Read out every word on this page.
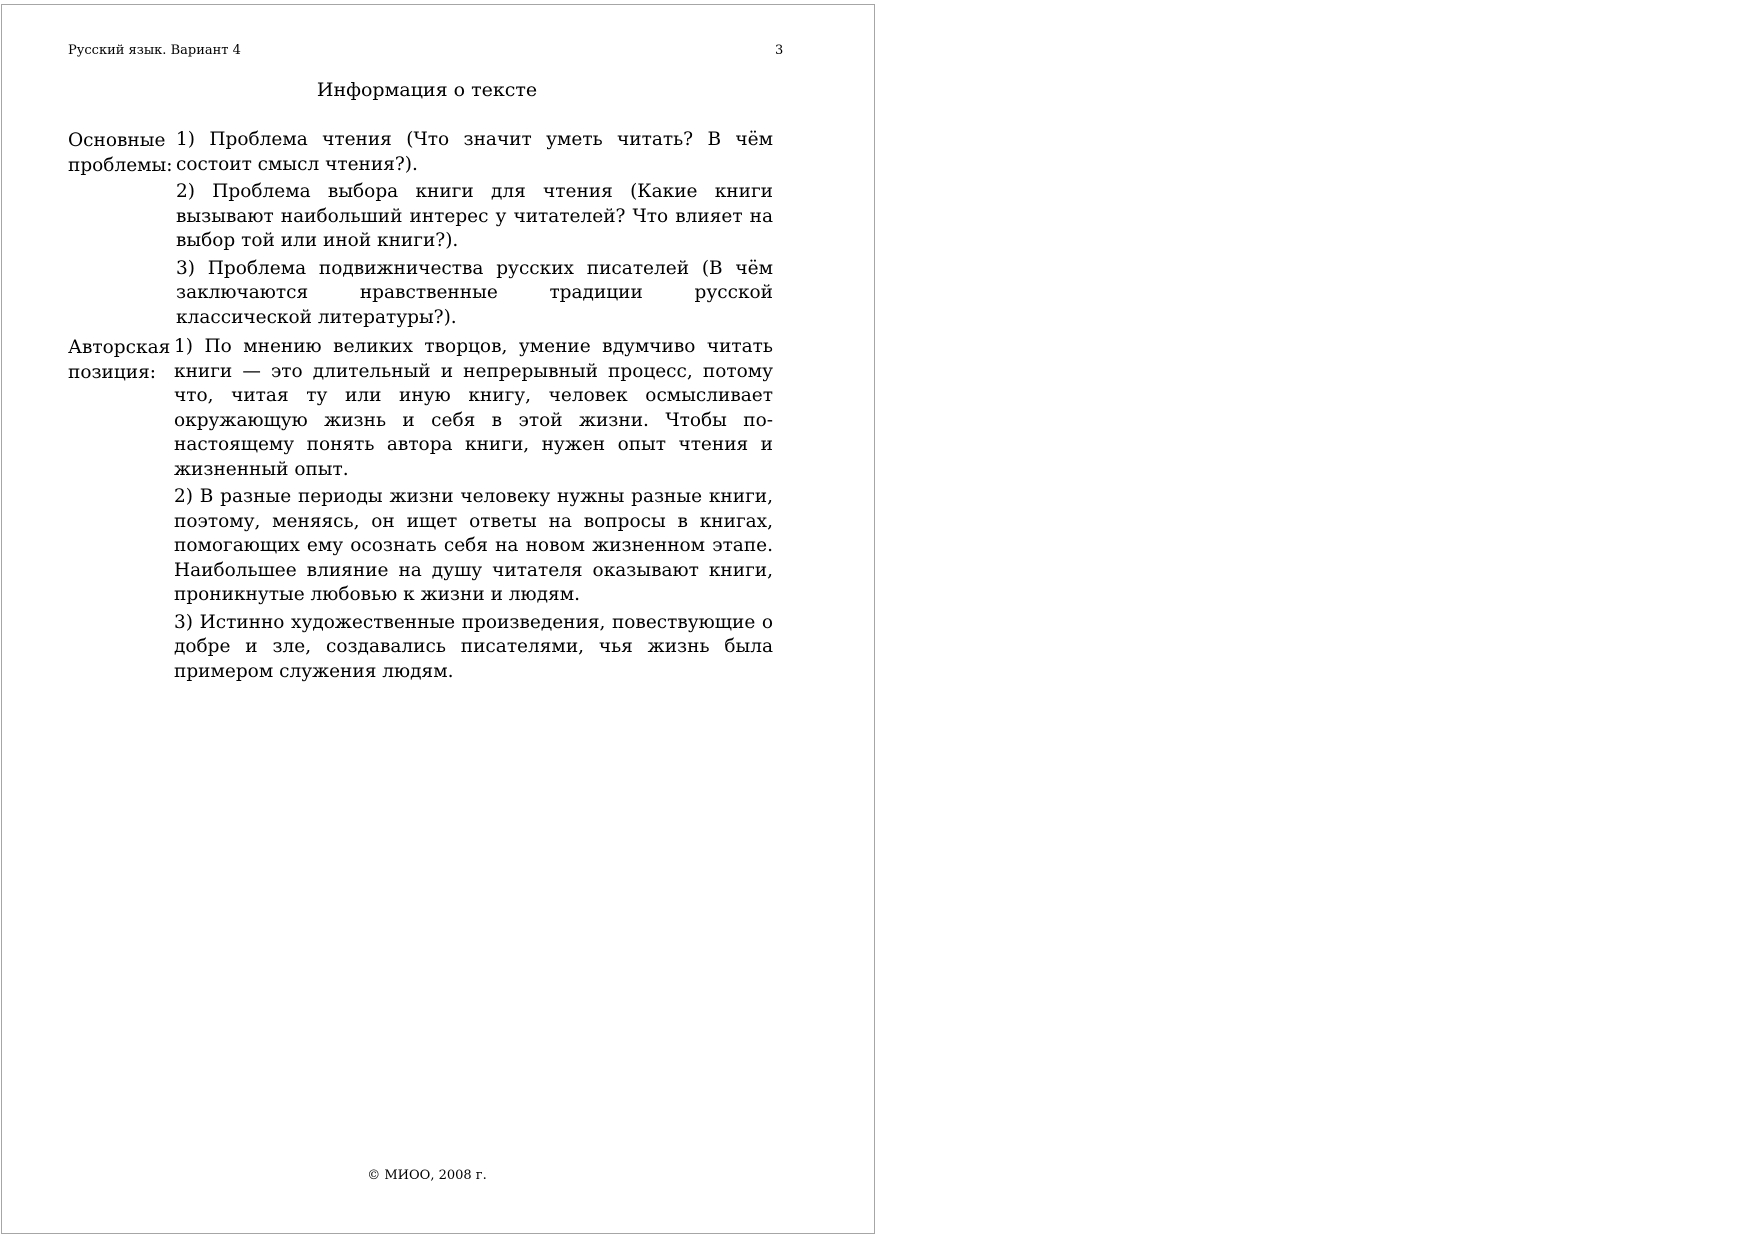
Русский язык. Вариант 4	3
Информация о тексте
Основные
проблемы:

1) Проблема чтения (Что значит уметь читать? В чём состоит смысл чтения?).

2) Проблема выбора книги для чтения (Какие книги вызывают наибольший интерес у читателей? Что влияет на выбор той или иной книги?).

3) Проблема подвижничества русских писателей (В чём заключаются нравственные традиции русской классической литературы?).

Авторская
позиция:

1) По мнению великих творцов, умение вдумчиво читать книги — это длительный и непрерывный процесс, потому что, читая ту или иную книгу, человек осмысливает окружающую жизнь и себя в этой жизни. Чтобы по-настоящему понять автора книги, нужен опыт чтения и жизненный опыт.

2) В разные периоды жизни человеку нужны разные книги, поэтому, меняясь, он ищет ответы на вопросы в книгах, помогающих ему осознать себя на новом жизненном этапе. Наибольшее влияние на душу читателя оказывают книги, проникнутые любовью к жизни и людям.

3) Истинно художественные произведения, повествующие о добре и зле, создавались писателями, чья жизнь была примером служения людям.

© МИОО, 2008 г.
